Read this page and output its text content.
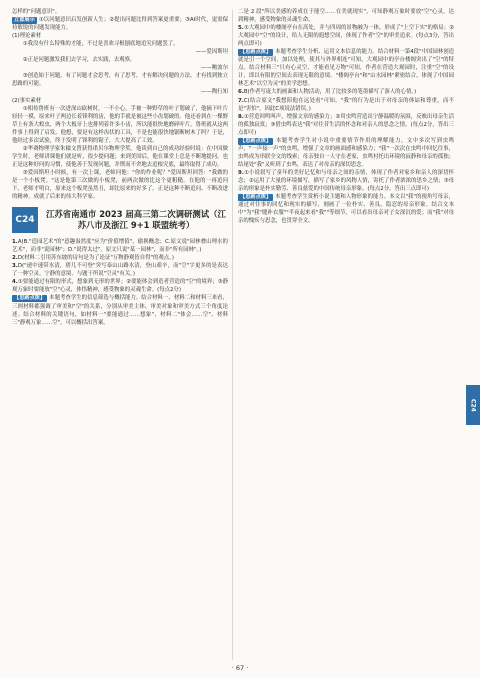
怎样的"问题意识"。

立意展示 ①以问题意识启发创新人生；②提出问题比得到答案更重要；③AI时代，更需保持敏锐的问题发现能力。

(1)理论素材

①我没有什么特殊的才能，不过是喜欢寻根刨底地追究问题罢了。

——爱因斯坦

②正是问题激发我们去学习，去实践，去观察。

——鲍波尔

③创造始于问题，有了问题才会思考，有了思考，才有解决问题的方法，才有找到独立思路的可能。

——陶行知

(2)事实素材

①相传鲁班有一次进深山砍树时，一不小心，手被一种野草的叶子划破了，他摘下叶片轻轻一摸，原来叶子两边长着锋利的齿，他的手就是被这些小齿划破的。他还看到在一棵野草上有条大蝗虫，两个大板牙上也排列着许多小齿，所以能很快地磨碎叶片。鲁班就从这两件事上得到了启发。他想，要是有这样齿状的工具，不是也能很快地锯断树木了吗？于是，他经过多次试验，终于发明了锋利的锯子，大大提高了工效。

②华裔物理学家朱棣文曾获得诺贝尔物理学奖。他谈到自己的成功经验时说：在中国做学生时，老师讲课他们就是听，很少提问题；来到美国后，他在课堂上总是不断地提问。也正是这种好问的习惯，使他善于发现问题，并锲而不舍地去追根究底，最终取得了成功。

③爱因斯坦小时候，有一次上课，老师问他："你的作业呢？"爱因斯坦回答："我做的是一个小板凳。"这是他第三次做的小板凳，前两次做的比这个更粗糙。在他的一再追问下，老师才明白，原来这个板凳虽然丑，却比原来的好多了。正是这种不断追问、不断改进的精神，成就了后来的伟大科学家。

C24
江苏省南通市 2023 届高三第二次调研测试（江苏八市及浙江 9+1 联盟统考）

1.A(B."造园艺术"的"意趣盎然度"应为"价值增值"，偷换概念；C.原文说"园林叠山理水的艺术"，而非"说园林"；D."说得太过"，原文只说"某一园林"，而非"所有园林"。)

2.D(材料二引用苏东坡的诗句是为了论证"万物静观皆自得"的观点。)

3.D("递中速带水清，碧几不可登"突写泰山山路水清，登山艰辛，而"空"字更多的是表达了一种空灵、宁静的意境，与题干所说"空灵"有关。)

4.①要能通过有限的形式，想象到无形的世界；②要能体会到造者营造的"空"的境界；③静观万象时要能放"空"心灵，体悟精神，感受物象的灵魂生命。(每点2分)

【思路点拨】 本题考查学生的信息筛选与概括能力。结合材料一、材料二和材料三来看，三则材料都强调了审美和"空"的关系，分别从审美主体、审美对象和审美方式三个角度论述。结合材料的关键语句，如材料一"要能通过……想象"、材料二"体会……空"、材料三"静观万象……空"，可以概括出答案。

二是 2 段"所以美感的养成在于能空……在美就现实"，可知静观万象时要放"空"心灵，达到精神，感受物象的灵魂生命。

5.①大观园中的楼阁亭台在高处，并与四周的景物融为一体，形成了"上空下实"的格局；②大观园中"空"的设计，给人无限的遐想空间，体现了作者"空"的审美追求。(每点3分，答出两点即可)

【思路点拨】 本题考查学生分析、运用文本信息的能力。结合材料一第4段"中国园林创造就是引一个空间，加以处理，使其与外界相连"可知，大观园中的亭台楼阁突出了"空"的特点。结合材料三"只有心灵空，才能看见万物"可知，作者在营造大观园时，注重"空"的设计，即以有限的空间去表现无限的意境。"楼阁亭台"和"山水园林"紧密结合，体现了中国园林艺术"以空为灵"的美学思想。

6.B(作者写庞大的画面和人物活动，用了比较多的笔墨描写了游人的心情。)

7.C(结合原文"我想陪他在远处看"可知，"我"的行为是出于对母亲的体谅和尊重，而不是"害怕"，因此C项说法错误。)

8.①营造回鸣叫声，增强文章的感染力；②用虫鸣营造出宁静温暖的氛围，反映出母亲生活的孤独寂寞；③借虫鸣表达"我"对往昔生活的怀念和对亲人的思念之情。(每点2分，答出三点即可)

【思路点拨】 本题考查学生对小说中重要情节作用的理解能力。文中多次写到虫鸣声，"一声接一声"的虫鸣，增强了文章的画面感和感染力；"我"一次次在虫鸣中回忆往事，虫鸣成为串联全文的线索；母亲独自一人守在老家，虫鸣衬托出环境的寂静和母亲的孤独；结尾处"我"又听到了虫鸣，表达了对母亲的深切思念。

9.①小说叙写了童年的美好记忆和与母亲之间的亲情，体现了作者对家乡和亲人的深切怀念；②运用了大量的环境描写，描写了家乡的风物人情，寄托了作者浓浓的思乡之情；③母亲的形象是朴实勤劳、善良慈爱的中国传统母亲形象。(每点2分，答出三点即可)

【思路点拨】 本题考查学生赏析小说主题和人物形象的能力。本文以"我"的视角写母亲，通过对往事的回忆和现实的描写，刻画了一位朴实、善良、隐忍的母亲形象。结合文本中"为"我"缝补衣服""半夜起来看"我""等细节，可以看出母亲对子女深沉的爱；而"我"对母亲的愧疚与思念，也贯穿全文。

C24
· 67 ·
